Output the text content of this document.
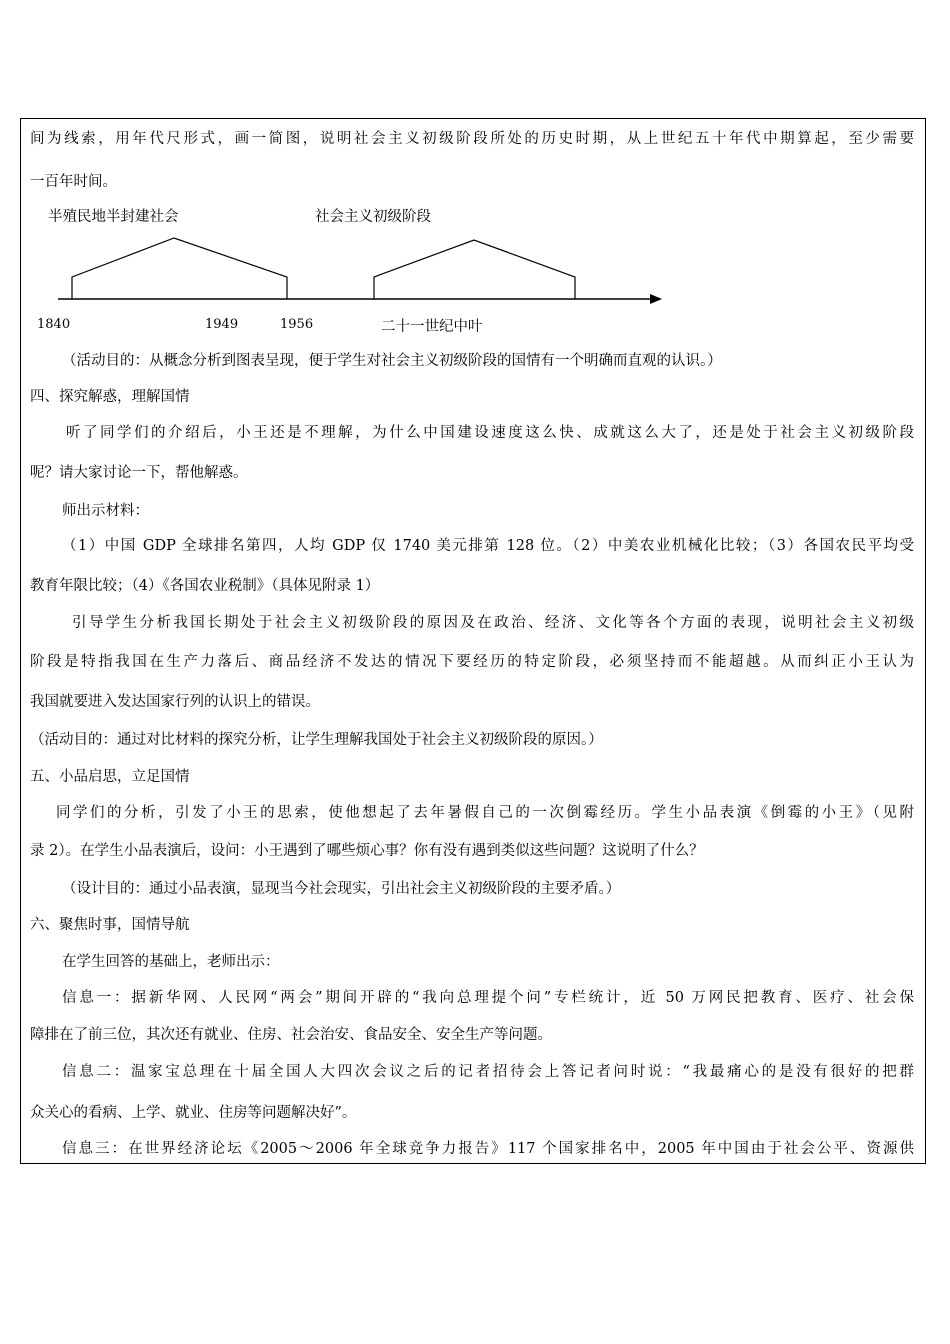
间为线索，用年代尺形式，画一简图，说明社会主义初级阶段所处的历史时期，从上世纪五十年代中期算起，至少需要
一百年时间。
半殖民地半封建社会	社会主义初级阶段
1840	1949	1956	二十一世纪中叶
（活动目的：从概念分析到图表呈现，便于学生对社会主义初级阶段的国情有一个明确而直观的认识。）
四、探究解惑，理解国情
听了同学们的介绍后，小王还是不理解，为什么中国建设速度这么快、成就这么大了，还是处于社会主义初级阶段
呢？请大家讨论一下，帮他解惑。
师出示材料：
（1）中国 GDP 全球排名第四，人均 GDP 仅 1740 美元排第 128 位。（2）中美农业机械化比较；（3）各国农民平均受
教育年限比较；（4）《各国农业税制》（具体见附录 1）
引导学生分析我国长期处于社会主义初级阶段的原因及在政治、经济、文化等各个方面的表现，说明社会主义初级
阶段是特指我国在生产力落后、商品经济不发达的情况下要经历的特定阶段，必须坚持而不能超越。从而纠正小王认为
我国就要进入发达国家行列的认识上的错误。
（活动目的：通过对比材料的探究分析，让学生理解我国处于社会主义初级阶段的原因。）
五、小品启思，立足国情
同学们的分析，引发了小王的思索，使他想起了去年暑假自己的一次倒霉经历。学生小品表演《倒霉的小王》（见附
录 2）。在学生小品表演后，设问：小王遇到了哪些烦心事？你有没有遇到类似这些问题？这说明了什么？
（设计目的：通过小品表演，显现当今社会现实，引出社会主义初级阶段的主要矛盾。）
六、聚焦时事，国情导航
在学生回答的基础上，老师出示：
信息一：据新华网、人民网“两会”期间开辟的“我向总理提个问”专栏统计，近 50 万网民把教育、医疗、社会保
障排在了前三位，其次还有就业、住房、社会治安、食品安全、安全生产等问题。
信息二：温家宝总理在十届全国人大四次会议之后的记者招待会上答记者问时说：“我最痛心的是没有很好的把群
众关心的看病、上学、就业、住房等问题解决好”。
信息三：在世界经济论坛《2005～2006 年全球竞争力报告》117 个国家排名中，2005 年中国由于社会公平、资源供
